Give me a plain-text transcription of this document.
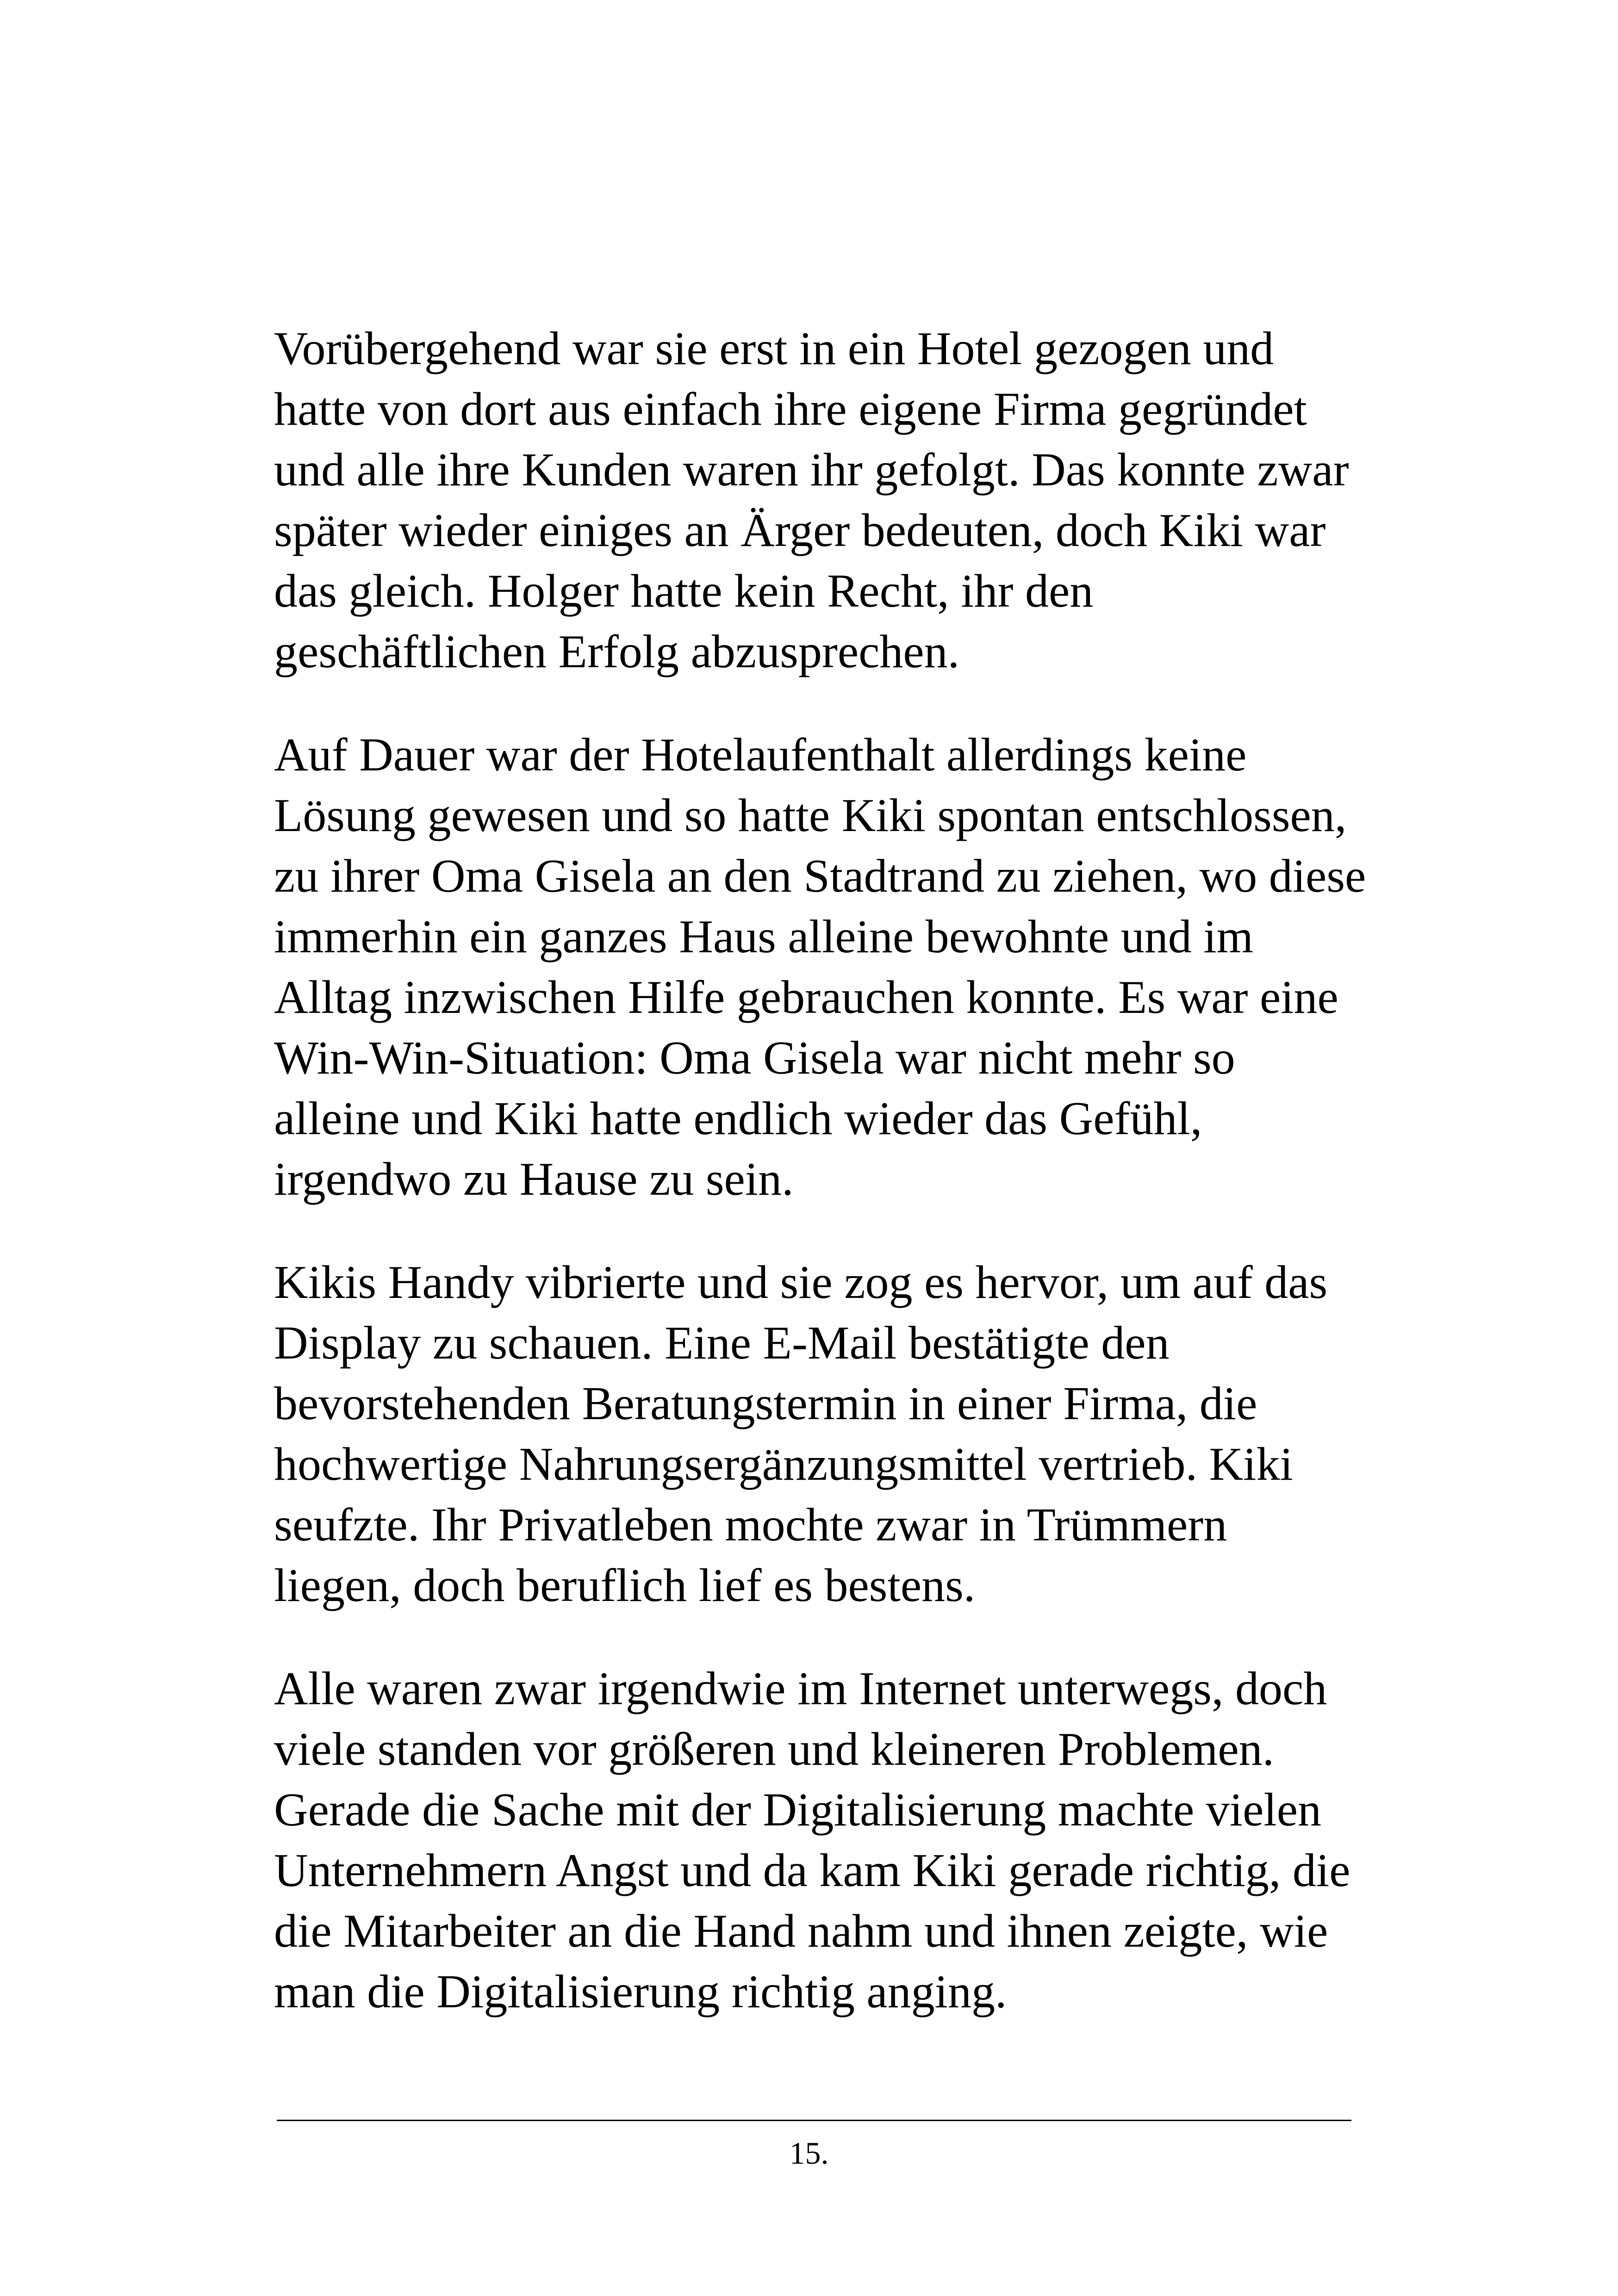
Vorübergehend war sie erst in ein Hotel gezogen und
hatte von dort aus einfach ihre eigene Firma gegründet
und alle ihre Kunden waren ihr gefolgt. Das konnte zwar
später wieder einiges an Ärger bedeuten, doch Kiki war
das gleich. Holger hatte kein Recht, ihr den
geschäftlichen Erfolg abzusprechen.

Auf Dauer war der Hotelaufenthalt allerdings keine
Lösung gewesen und so hatte Kiki spontan entschlossen,
zu ihrer Oma Gisela an den Stadtrand zu ziehen, wo diese
immerhin ein ganzes Haus alleine bewohnte und im
Alltag inzwischen Hilfe gebrauchen konnte. Es war eine
Win-Win-Situation: Oma Gisela war nicht mehr so
alleine und Kiki hatte endlich wieder das Gefühl,
irgendwo zu Hause zu sein.

Kikis Handy vibrierte und sie zog es hervor, um auf das
Display zu schauen. Eine E-Mail bestätigte den
bevorstehenden Beratungstermin in einer Firma, die
hochwertige Nahrungsergänzungsmittel vertrieb. Kiki
seufzte. Ihr Privatleben mochte zwar in Trümmern
liegen, doch beruflich lief es bestens.

Alle waren zwar irgendwie im Internet unterwegs, doch
viele standen vor größeren und kleineren Problemen.
Gerade die Sache mit der Digitalisierung machte vielen
Unternehmern Angst und da kam Kiki gerade richtig, die
die Mitarbeiter an die Hand nahm und ihnen zeigte, wie
man die Digitalisierung richtig anging.

15.
